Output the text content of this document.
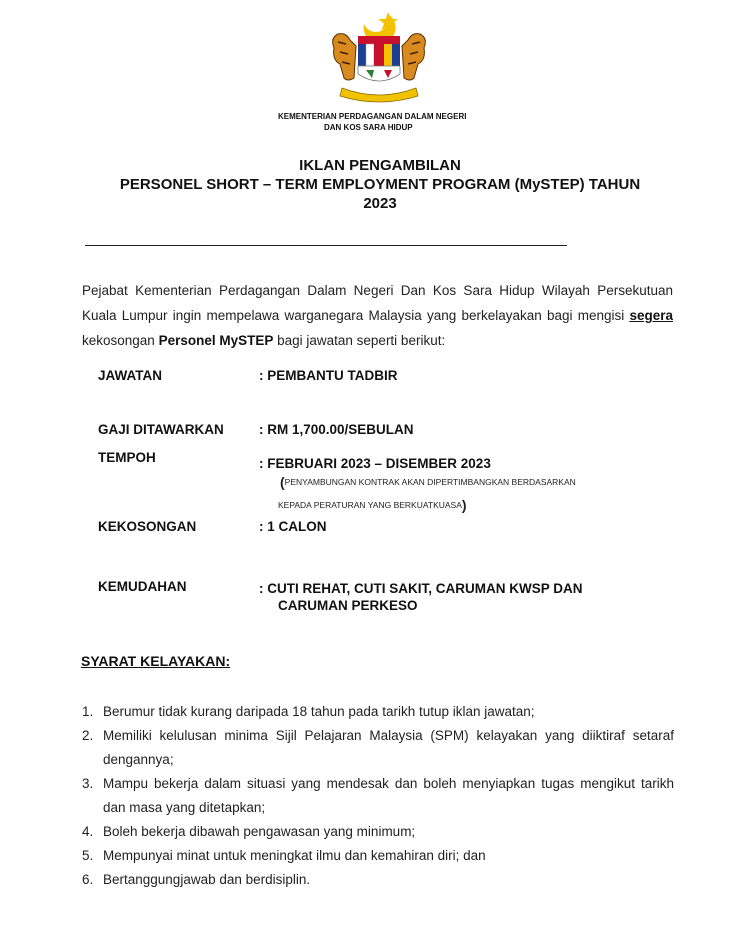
KEMENTERIAN PERDAGANGAN DALAM NEGERI
DAN KOS SARA HIDUP
IKLAN PENGAMBILAN
PERSONEL SHORT – TERM EMPLOYMENT PROGRAM (MySTEP) TAHUN
2023
—————————————————————————————————————
Pejabat Kementerian Perdagangan Dalam Negeri Dan Kos Sara Hidup Wilayah Persekutuan Kuala Lumpur ingin mempelawa warganegara Malaysia yang berkelayakan bagi mengisi segera kekosongan Personel MySTEP bagi jawatan seperti berikut:
JAWATAN	: PEMBANTU TADBIR
GAJI DITAWARKAN	: RM 1,700.00/SEBULAN
TEMPOH	: FEBRUARI 2023 – DISEMBER 2023
(PENYAMBUNGAN KONTRAK AKAN DIPERTIMBANGKAN BERDASARKAN
KEPADA PERATURAN YANG BERKUATKUASA)
KEKOSONGAN	: 1 CALON
KEMUDAHAN	: CUTI REHAT, CUTI SAKIT, CARUMAN KWSP DAN
CARUMAN PERKESO
SYARAT KELAYAKAN:
1. Berumur tidak kurang daripada 18 tahun pada tarikh tutup iklan jawatan;
2. Memiliki kelulusan minima Sijil Pelajaran Malaysia (SPM) kelayakan yang diiktiraf setaraf dengannya;
3. Mampu bekerja dalam situasi yang mendesak dan boleh menyiapkan tugas mengikut tarikh dan masa yang ditetapkan;
4. Boleh bekerja dibawah pengawasan yang minimum;
5. Mempunyai minat untuk meningkat ilmu dan kemahiran diri; dan
6. Bertanggungjawab dan berdisiplin.
